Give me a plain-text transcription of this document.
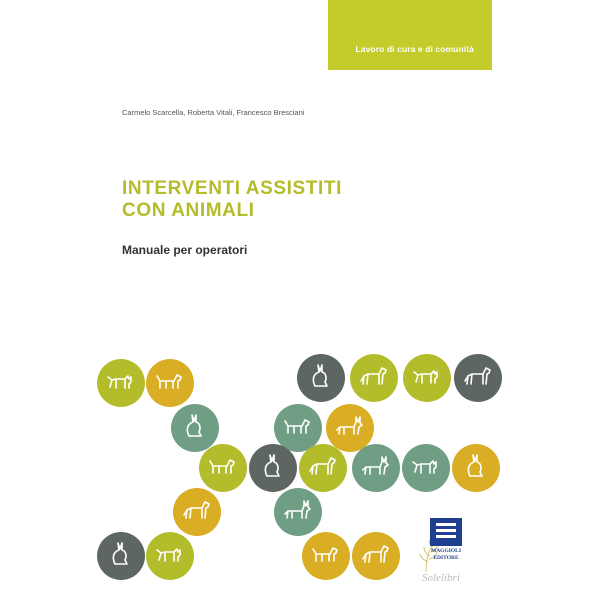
Lavoro di cura e di comunità
Carmelo Scarcella, Roberta Vitali, Francesco Bresciani
INTERVENTI ASSISTITI
CON ANIMALI
Manuale per operatori
Solelibri
MAGGIOLI
EDITORE
